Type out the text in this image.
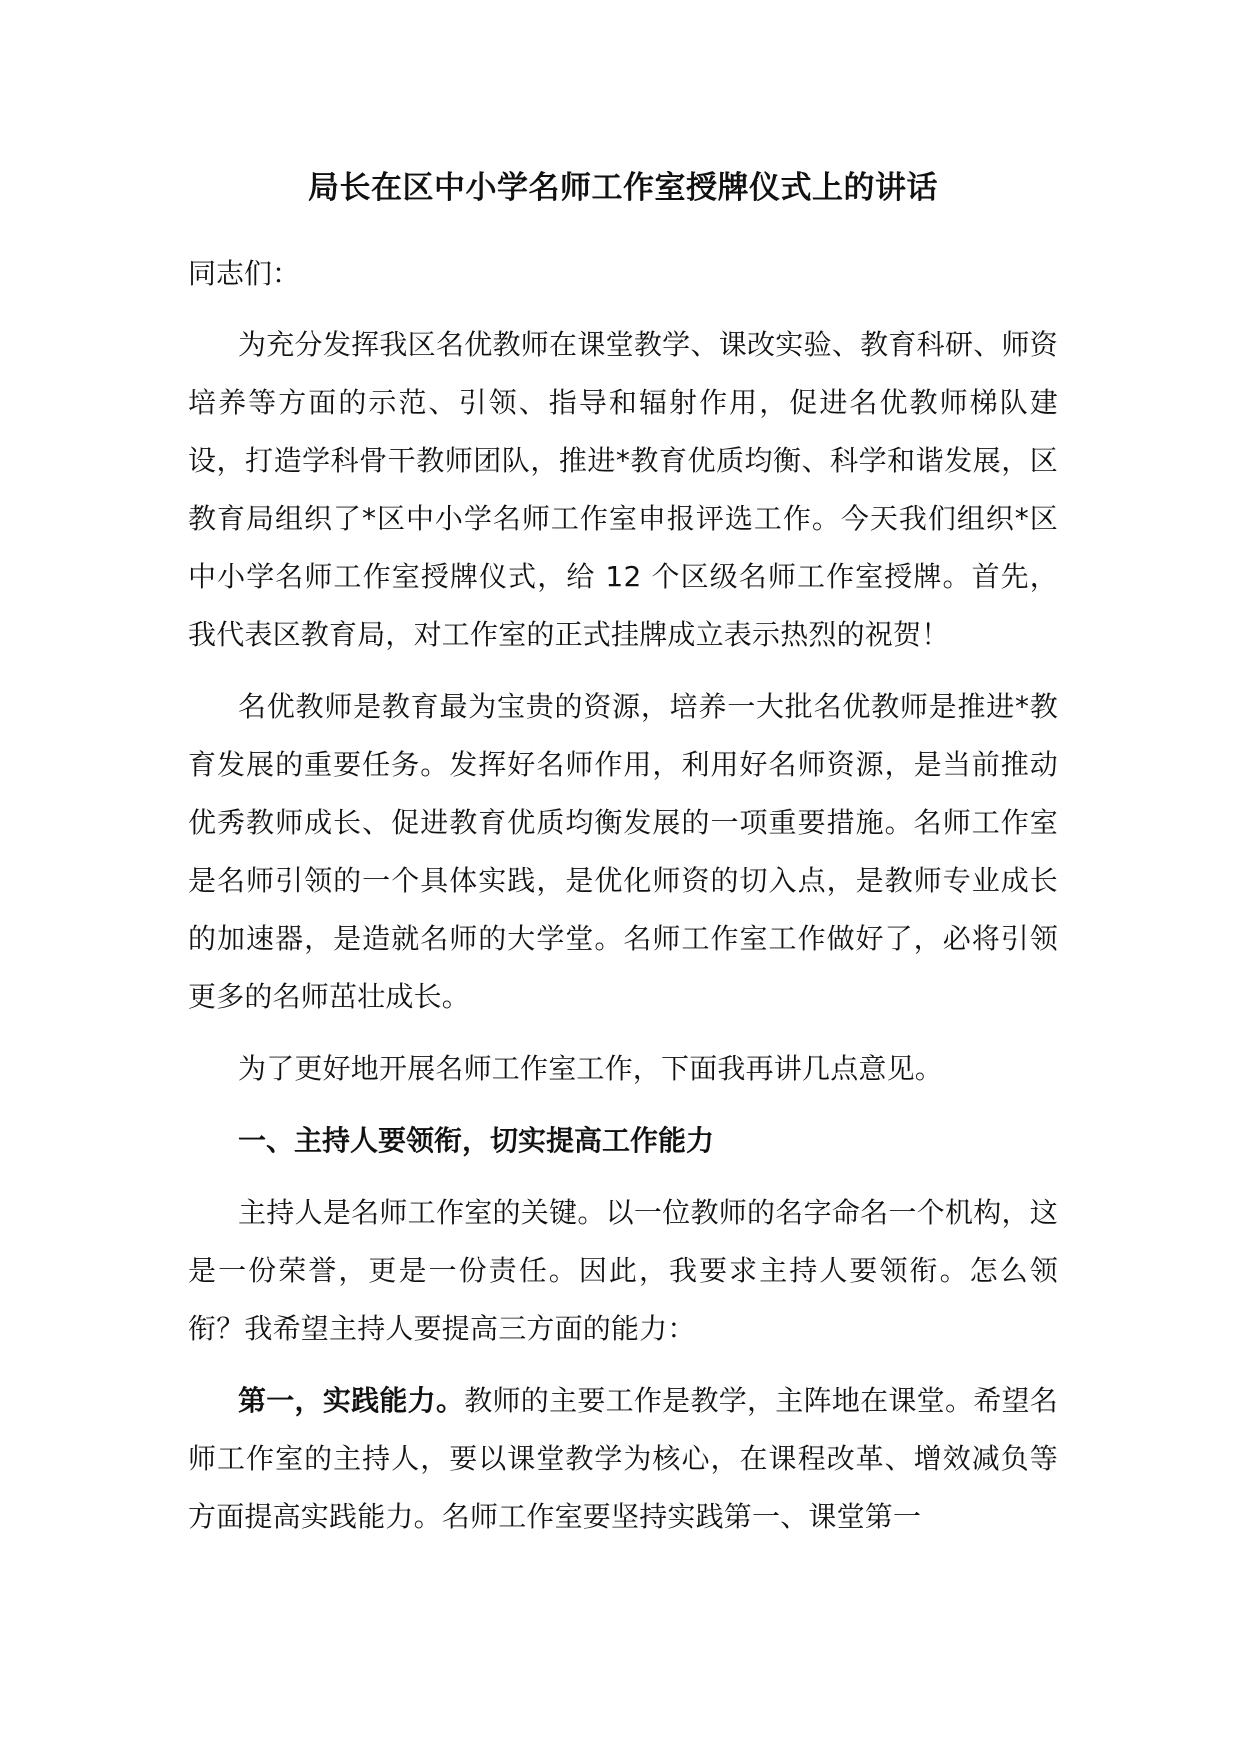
局长在区中小学名师工作室授牌仪式上的讲话

同志们：

为充分发挥我区名优教师在课堂教学、课改实验、教育科研、师资培养等方面的示范、引领、指导和辐射作用，促进名优教师梯队建设，打造学科骨干教师团队，推进*教育优质均衡、科学和谐发展，区教育局组织了*区中小学名师工作室申报评选工作。今天我们组织*区中小学名师工作室授牌仪式，给 12 个区级名师工作室授牌。首先，我代表区教育局，对工作室的正式挂牌成立表示热烈的祝贺！

名优教师是教育最为宝贵的资源，培养一大批名优教师是推进*教育发展的重要任务。发挥好名师作用，利用好名师资源，是当前推动优秀教师成长、促进教育优质均衡发展的一项重要措施。名师工作室是名师引领的一个具体实践，是优化师资的切入点，是教师专业成长的加速器，是造就名师的大学堂。名师工作室工作做好了，必将引领更多的名师茁壮成长。

为了更好地开展名师工作室工作，下面我再讲几点意见。

一、主持人要领衔，切实提高工作能力

主持人是名师工作室的关键。以一位教师的名字命名一个机构，这是一份荣誉，更是一份责任。因此，我要求主持人要领衔。怎么领衔？我希望主持人要提高三方面的能力：

第一，实践能力。教师的主要工作是教学，主阵地在课堂。希望名师工作室的主持人，要以课堂教学为核心，在课程改革、增效减负等方面提高实践能力。名师工作室要坚持实践第一、课堂第一
